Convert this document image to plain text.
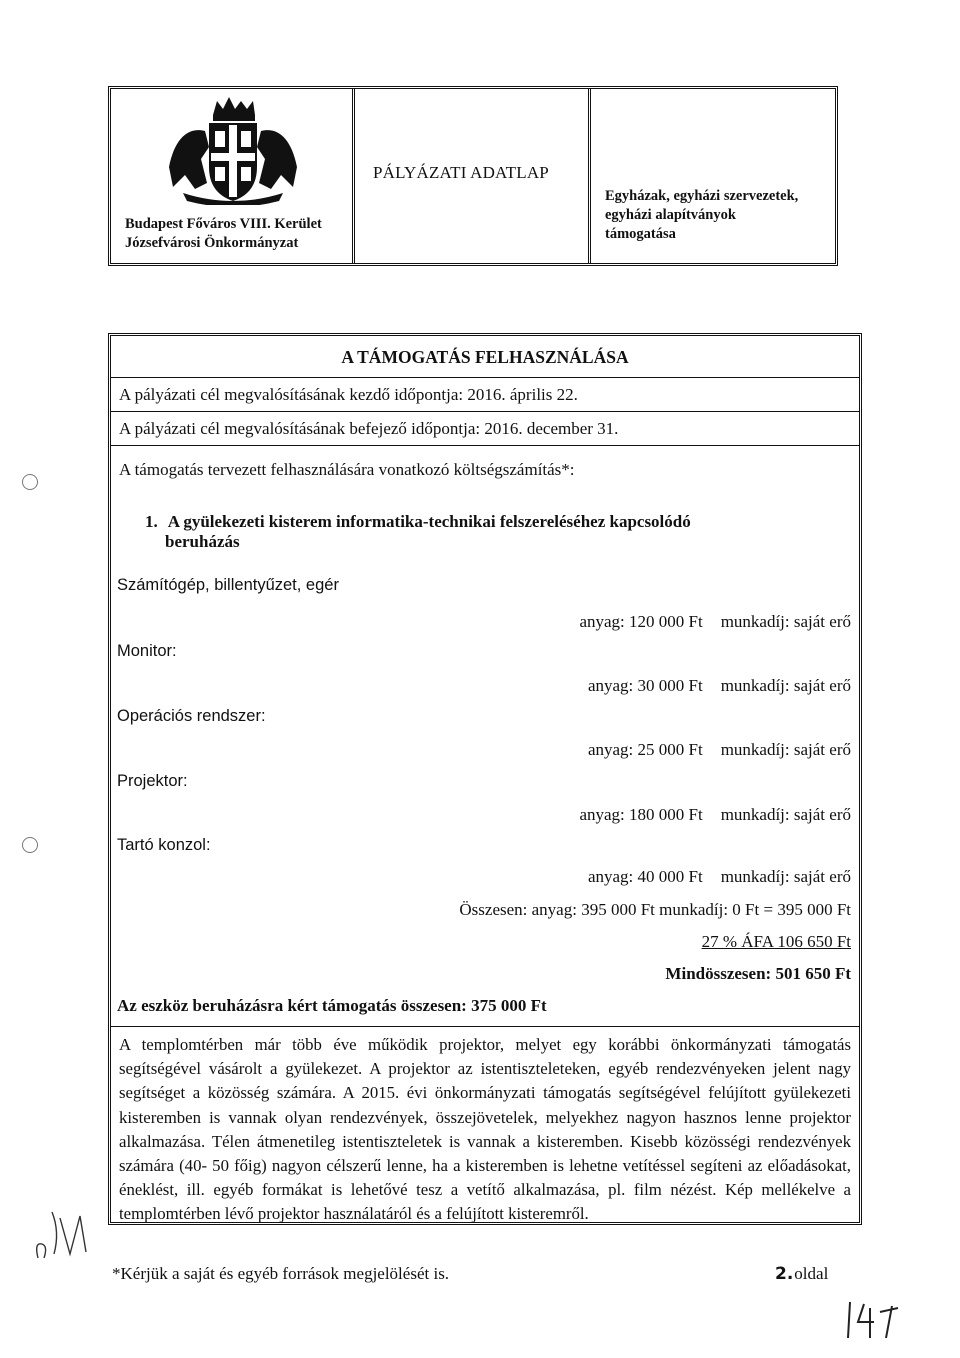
Budapest Főváros VIII. Kerület
Józsefvárosi Önkormányzat
PÁLYÁZATI ADATLAP
Egyházak, egyházi szervezetek,
egyházi alapítványok
támogatása
A TÁMOGATÁS FELHASZNÁLÁSA
A pályázati cél megvalósításának kezdő időpontja: 2016. április 22.
A pályázati cél megvalósításának befejező időpontja: 2016. december 31.
A támogatás tervezett felhasználására vonatkozó költségszámítás*:
1. A gyülekezeti kisterem informatika-technikai felszereléséhez kapcsolódó
beruházás
Számítógép, billentyűzet, egér
Monitor:
Operációs rendszer:
Projektor:
Tartó konzol:
anyag: 120 000 Ft munkadíj: saját erő
anyag: 30 000 Ft munkadíj: saját erő
anyag: 25 000 Ft munkadíj: saját erő
anyag: 180 000 Ft munkadíj: saját erő
anyag: 40 000 Ft munkadíj: saját erő
Összesen: anyag: 395 000 Ft munkadíj: 0 Ft = 395 000 Ft
27 % ÁFA 106 650 Ft
Mindösszesen: 501 650 Ft
Az eszköz beruházásra kért támogatás összesen: 375 000 Ft
A templomtérben már több éve működik projektor, melyet egy korábbi önkormányzati támogatás segítségével vásárolt a gyülekezet. A projektor az istentiszteleteken, egyéb rendezvényeken jelent nagy segítséget a közösség számára. A 2015. évi önkormányzati támogatás segítségével felújított gyülekezeti kisteremben is vannak olyan rendezvények, összejövetelek, melyekhez nagyon hasznos lenne projektor alkalmazása. Télen átmenetileg istentiszteletek is vannak a kisteremben. Kisebb közösségi rendezvények számára (40- 50 főig) nagyon célszerű lenne, ha a kisteremben is lehetne vetítéssel segíteni az előadásokat, éneklést, ill. egyéb formákat is lehetővé tesz a vetítő alkalmazása, pl. film nézést. Kép mellékelve a templomtérben lévő projektor használatáról és a felújított kisteremről.
*Kérjük a saját és egyéb források megjelölését is.	2.oldal
